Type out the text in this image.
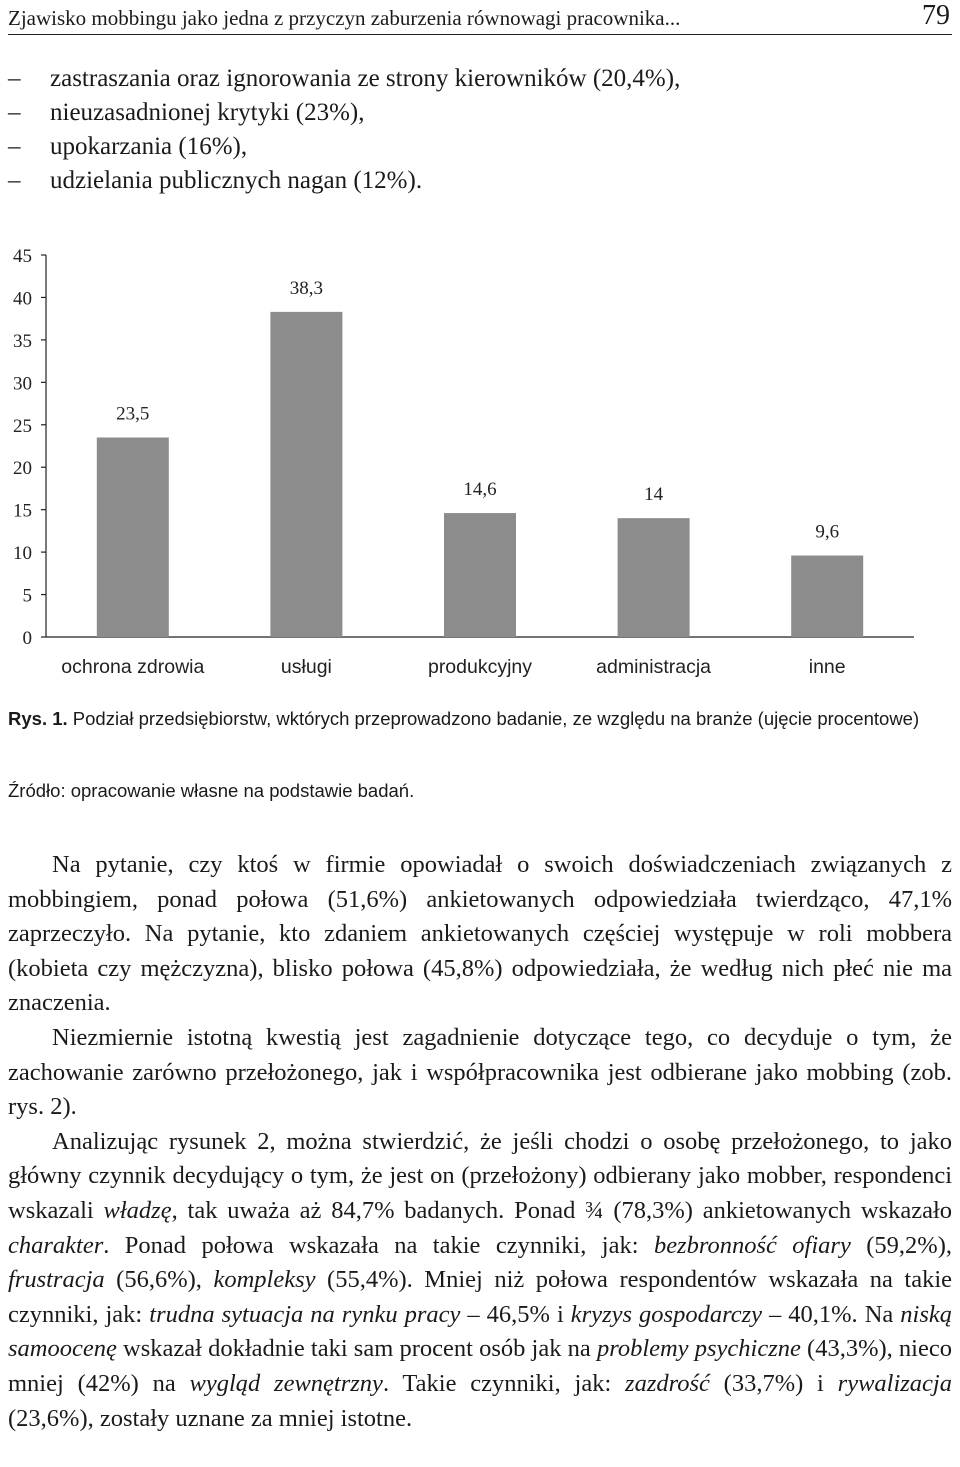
Zjawisko mobbingu jako jedna z przyczyn zaburzenia równowagi pracownika...	79
– zastraszania oraz ignorowania ze strony kierowników (20,4%),
– nieuzasadnionej krytyki (23%),
– upokarzania (16%),
– udzielania publicznych nagan (12%).
0
5
10
15
20
25
30
35
40
45
23,5
ochrona zdrowia
38,3
usługi
14,6
produkcyjny
14
administracja
9,6
inne
Rys. 1. Podział przedsiębiorstw, wktórych przeprowadzono badanie, ze względu na branże (ujęcie procentowe)
Źródło: opracowanie własne na podstawie badań.

Na pytanie, czy ktoś w firmie opowiadał o swoich doświadczeniach związanych z mobbingiem, ponad połowa (51,6%) ankietowanych odpowiedziała twierdząco, 47,1% zaprzeczyło. Na pytanie, kto zdaniem ankietowanych częściej występuje w roli mobbera (kobieta czy mężczyzna), blisko połowa (45,8%) odpowiedziała, że według nich płeć nie ma znaczenia.

Niezmiernie istotną kwestią jest zagadnienie dotyczące tego, co decyduje o tym, że zachowanie zarówno przełożonego, jak i współpracownika jest odbierane jako mobbing (zob. rys. 2).

Analizując rysunek 2, można stwierdzić, że jeśli chodzi o osobę przełożonego, to jako główny czynnik decydujący o tym, że jest on (przełożony) odbierany jako mobber, respondenci wskazali władzę, tak uważa aż 84,7% badanych. Ponad ¾ (78,3%) ankietowanych wskazało charakter. Ponad połowa wskazała na takie czynniki, jak: bezbronność ofiary (59,2%), frustracja (56,6%), kompleksy (55,4%). Mniej niż połowa respondentów wskazała na takie czynniki, jak: trudna sytuacja na rynku pracy – 46,5% i kryzys gospodarczy – 40,1%. Na niską samoocenę wskazał dokładnie taki sam procent osób jak na problemy psychiczne (43,3%), nieco mniej (42%) na wygląd zewnętrzny. Takie czynniki, jak: zazdrość (33,7%) i rywalizacja (23,6%), zostały uznane za mniej istotne.
